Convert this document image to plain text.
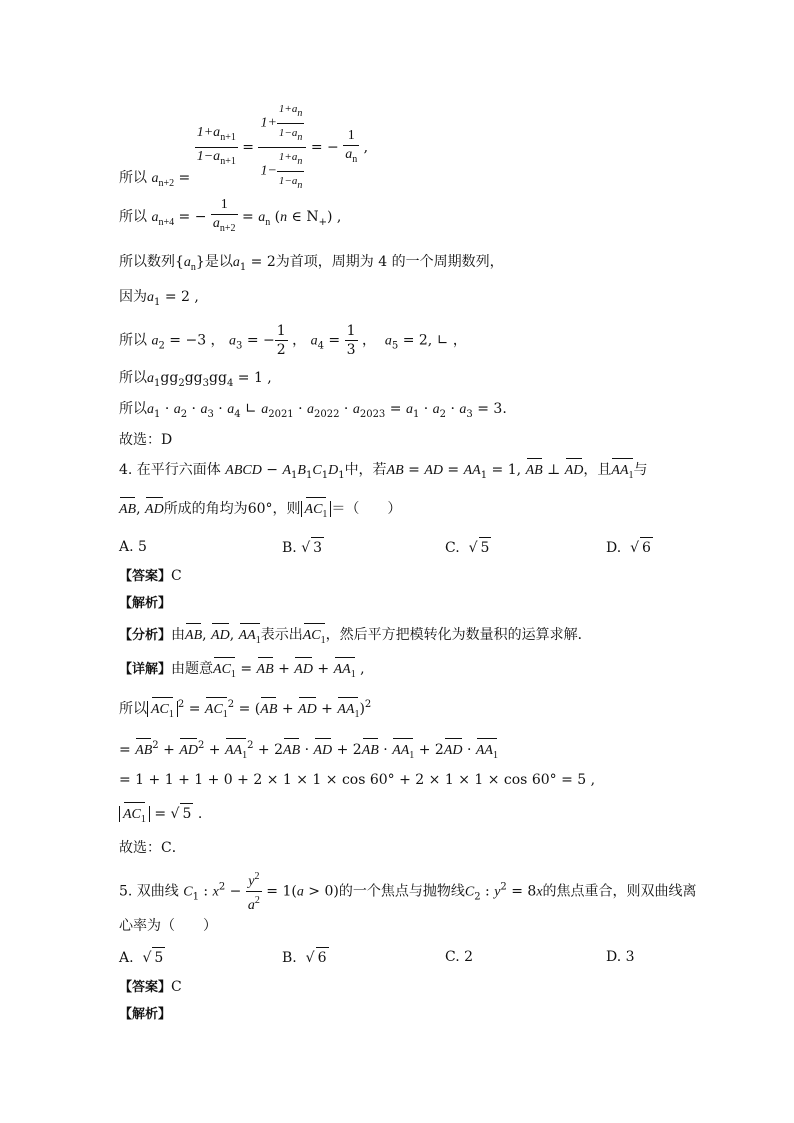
所以 $a_{n+2}$ =
$\frac{1+a_{n+1}}{1-a_{n+1}} = \frac{1+ \frac{1+a_n}{1-a_n}}{1- \frac{1+a_n}{1-a_n}}$ = − $\frac{1}{a_n}$ ,
所以 $a_{n+4}$ = − $\frac{1}{a_{n+2}} = a_n$ (n ∈ $N_+$) ,
所以数列$\{a_n\}$是以$a_1 = 2$为首项，周期为 4 的一个周期数列，
因为$a_1 = 2$ ,
所以 $a_2 = -3$ ， $a_3$ = − $\frac{1}{2}$ ， $a_4 = \frac{1}{3}$ ，  $a_5 = 2$, ∟ ，
所以$a_1gg_2gg_3gg_4 = 1$ ,
所以$a_1 \cdot a_2 \cdot a_3 \cdot a_4$ ∟ $a_{2021} \cdot a_{2022} \cdot a_{2023} = a_1 \cdot a_2 \cdot a_3 = 3$.
故选：D
4. 在平行六面体 ABCD − $A_1B_1C_1D_1$中，若AB = AD = $AA_1 = 1$, AB ⊥ AD，且$AA_1$与
AB, AD所成的角均为60°，则 $AC_1$ ＝（　　）
A. 5	B. √ 3	C.  √ 5	D.  √ 6
【答案】C
【解析】
【分析】由AB, AD, $AA_1$表示出$AC_1$，然后平方把模转化为数量积的运算求解．
【详解】由题意$AC_1$ = AB + AD + $AA_1$ ,
所以 $AC_1^2 = AC_1^2 = (AB$ + AD + $AA_1)^2$
= $AB^2 + AD^2 + AA_1^2 + 2AB$ · AD + $2AB \cdot AA_1 + 2AD \cdot AA_1$
= 1 + 1 + 1 + 0 + 2 × 1 × 1 × cos 60° + 2 × 1 × 1 × cos 60° = 5 ,
$AC_1$ = √ 5 .
故选：C．
5. 双曲线 $C_1$ : $x^2 - \frac{y^2}{a^2} = 1(a > 0)$的一个焦点与抛物线$C_2$ : $y^2 = 8x$的焦点重合，则双曲线离
心率为（　　）
A.  √ 5	B.  √ 6	C. 2	D. 3
【答案】C
【解析】
